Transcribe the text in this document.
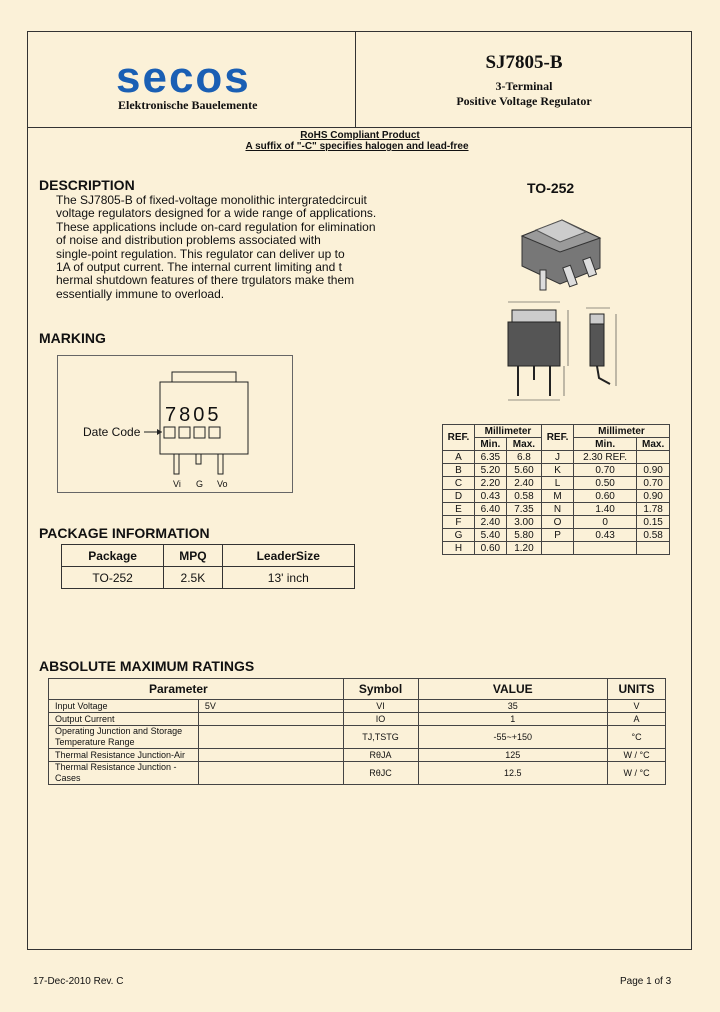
secos
Elektronische Bauelemente
SJ7805-B
3-Terminal
Positive Voltage Regulator
RoHS Compliant Product
A suffix of "-C" specifies halogen and lead-free
DESCRIPTION
The SJ7805-B of fixed-voltage monolithic intergratedcircuit
voltage regulators designed for a wide range of applications.
These applications include on-card regulation for elimination
of noise and distribution problems associated with
single-point regulation. This regulator can deliver up to
1A of output current. The internal current limiting and t
hermal shutdown features of there trgulators make them
essentially immune to overload.
TO-252
MARKING
7805
Date Code
Vi G Vo
REF.	Millimeter		REF.	Millimeter	
	Min.	Max.		Min.	Max.
A	6.35	6.8	J	2.30 REF.	
B	5.20	5.60	K	0.70	0.90
C	2.20	2.40	L	0.50	0.70
D	0.43	0.58	M	0.60	0.90
E	6.40	7.35	N	1.40	1.78
F	2.40	3.00	O	0	0.15
G	5.40	5.80	P	0.43	0.58
H	0.60	1.20			
PACKAGE INFORMATION
Package	MPQ	LeaderSize
TO-252	2.5K	13' inch
ABSOLUTE MAXIMUM RATINGS
Parameter		Symbol	VALUE	UNITS
Input Voltage	5V	VI	35	V
Output Current		IO	1	A
Operating Junction and Storage Temperature Range		TJ,TSTG	-55~+150	°C
Thermal Resistance Junction-Air		RθJA	125	W / °C
Thermal Resistance Junction - Cases		RθJC	12.5	W / °C
17-Dec-2010 Rev. C	Page 1 of 3
